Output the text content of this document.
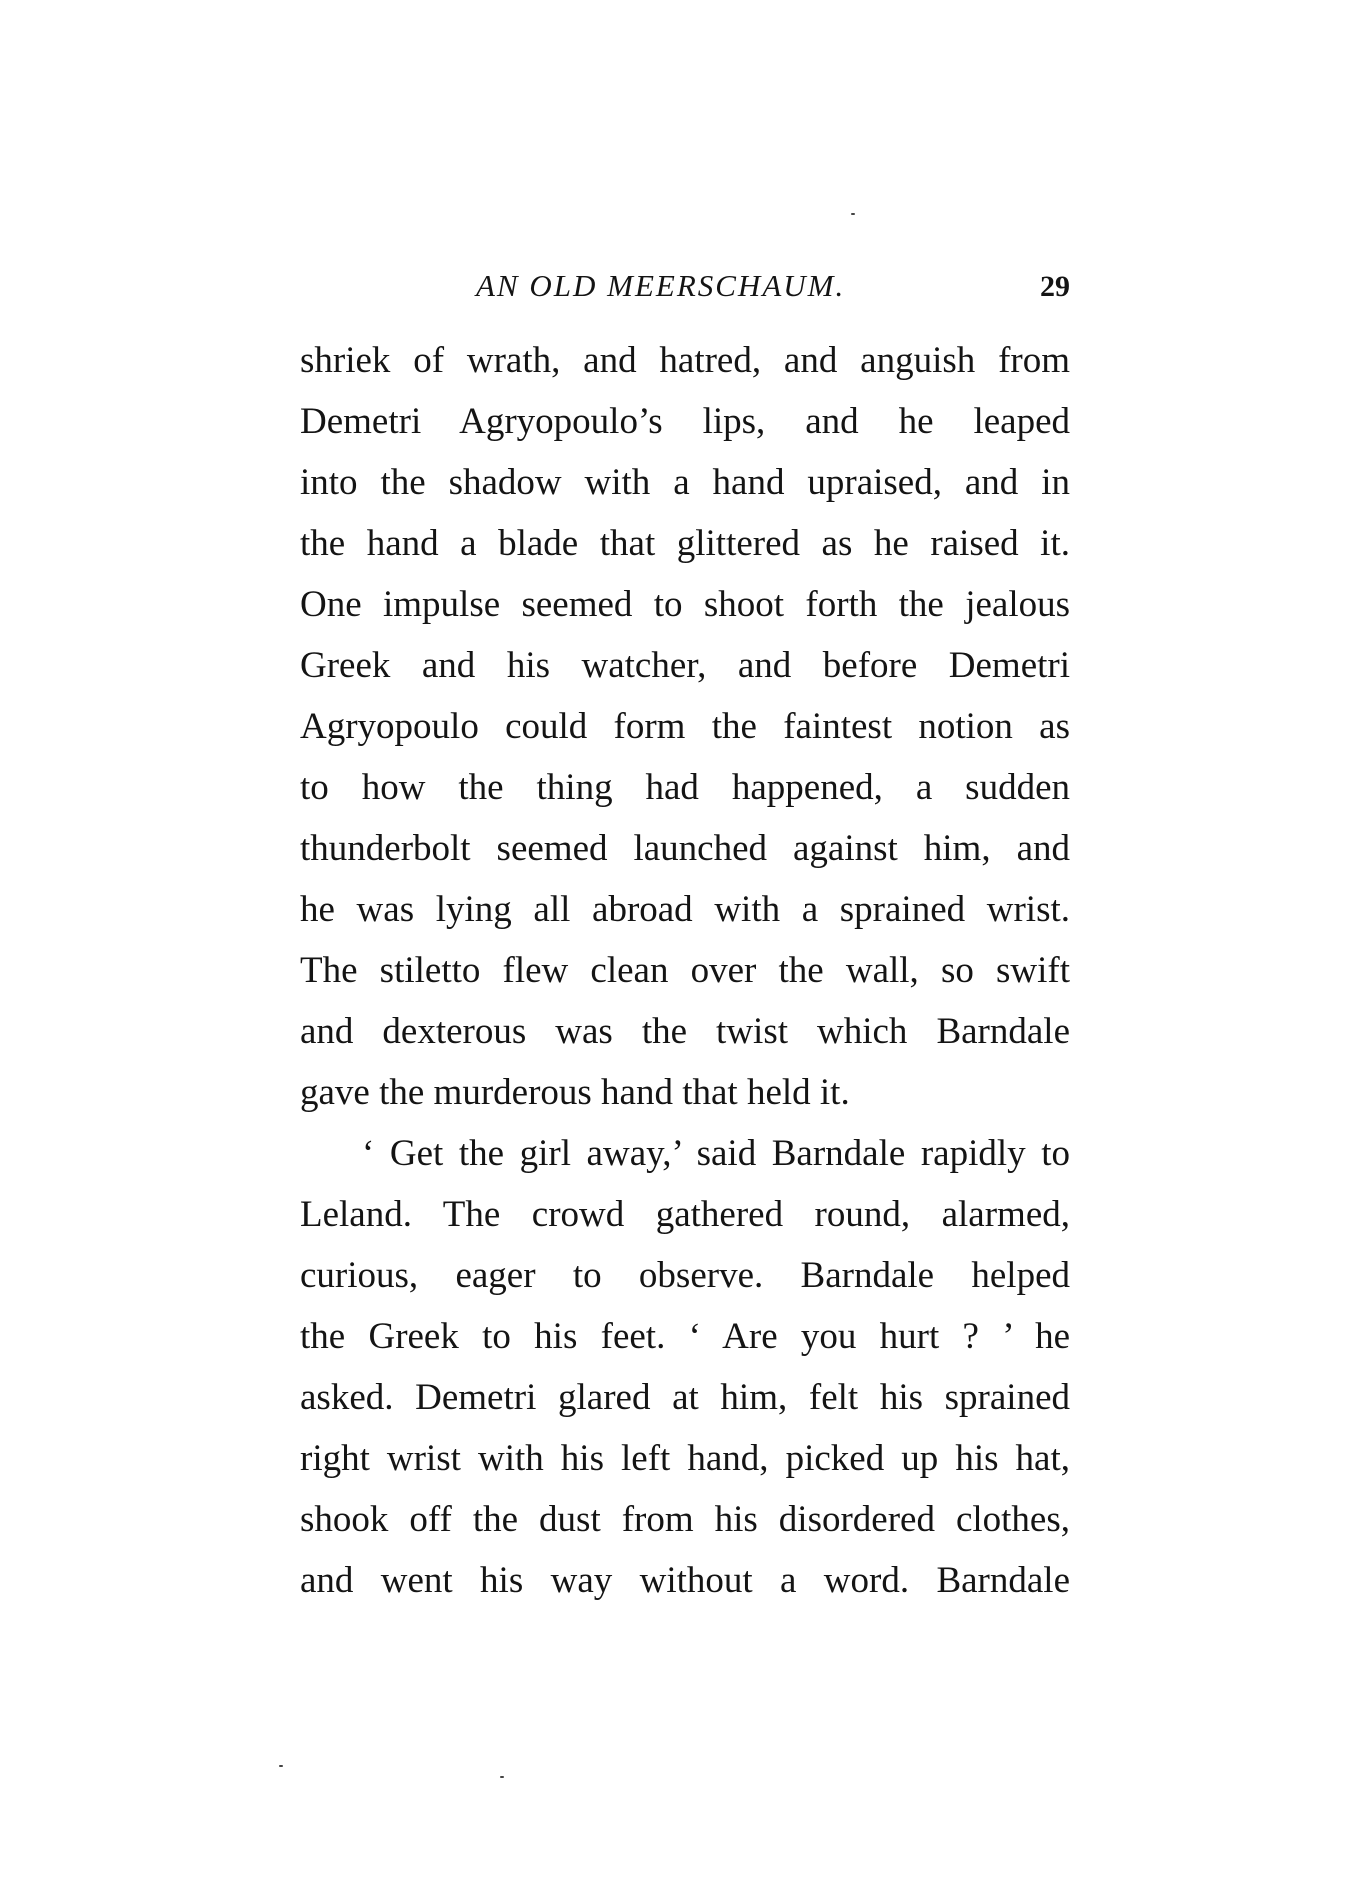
AN OLD MEERSCHAUM.	29
shriek of wrath, and hatred, and anguish from
Demetri Agryopoulo’s lips, and he leaped
into the shadow with a hand upraised, and in
the hand a blade that glittered as he raised it.
One impulse seemed to shoot forth the jealous
Greek and his watcher, and before Demetri
Agryopoulo could form the faintest notion as
to how the thing had happened, a sudden
thunderbolt seemed launched against him, and
he was lying all abroad with a sprained wrist.
The stiletto flew clean over the wall, so swift
and dexterous was the twist which Barndale
gave the murderous hand that held it.
‘ Get the girl away,’ said Barndale rapidly to
Leland. The crowd gathered round, alarmed,
curious, eager to observe. Barndale helped
the Greek to his feet. ‘ Are you hurt ? ’ he
asked. Demetri glared at him, felt his sprained
right wrist with his left hand, picked up his hat,
shook off the dust from his disordered clothes,
and went his way without a word. Barndale
